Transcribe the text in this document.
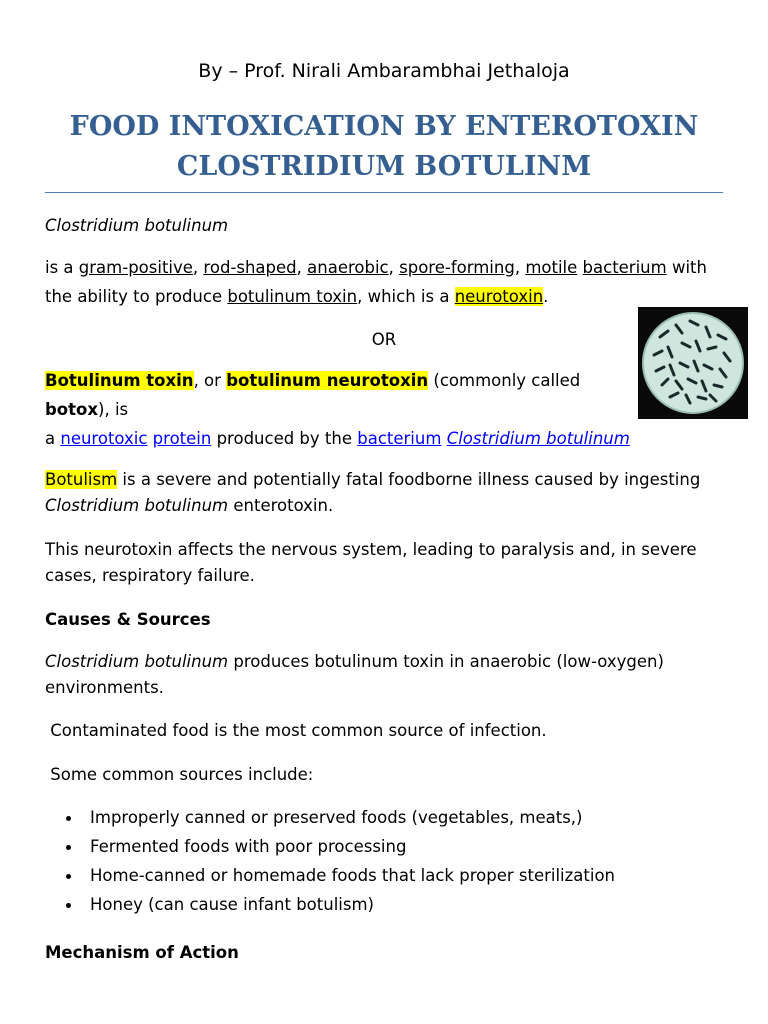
By – Prof. Nirali Ambarambhai Jethaloja

FOOD INTOXICATION BY ENTEROTOXIN

CLOSTRIDIUM BOTULINM

Clostridium botulinum

is a gram-positive, rod-shaped, anaerobic, spore-forming, motile bacterium with
the ability to produce botulinum toxin, which is a neurotoxin.

OR

Botulinum toxin, or botulinum neurotoxin (commonly called botox), is
a neurotoxic protein produced by the bacterium Clostridium botulinum

Botulism is a severe and potentially fatal foodborne illness caused by ingesting
Clostridium botulinum enterotoxin.

This neurotoxin affects the nervous system, leading to paralysis and, in severe
cases, respiratory failure.

Causes & Sources

Clostridium botulinum produces botulinum toxin in anaerobic (low-oxygen)
environments.

Contaminated food is the most common source of infection.

Some common sources include:

Improperly canned or preserved foods (vegetables, meats,)
Fermented foods with poor processing
Home-canned or homemade foods that lack proper sterilization
Honey (can cause infant botulism)

Mechanism of Action
